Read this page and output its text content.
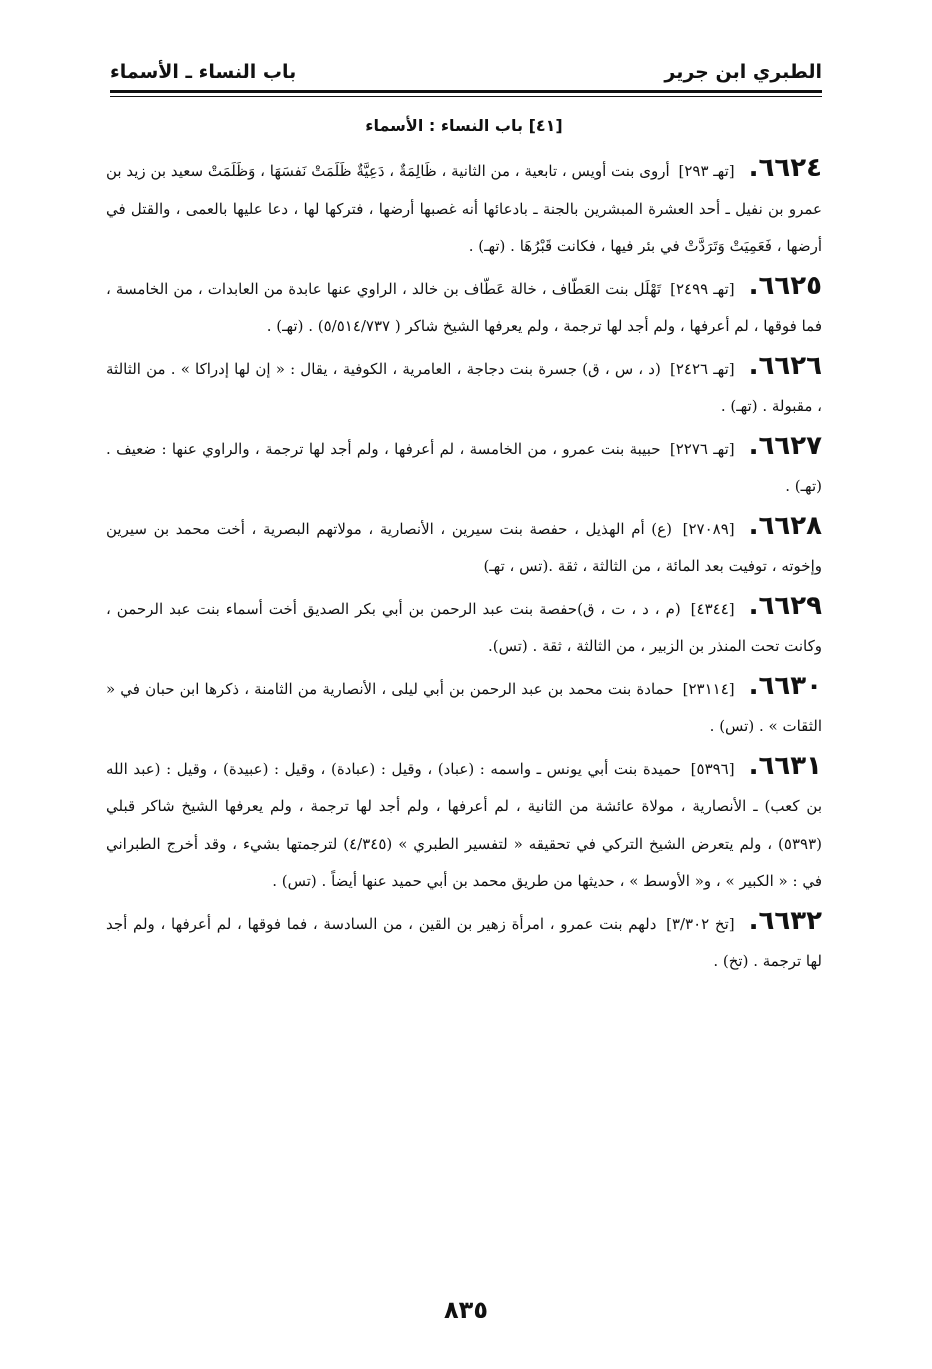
الطبري ابن جرير
باب النساء ـ الأسماء
[٤١] باب النساء : الأسماء
٦٦٢٤.[تهـ ٢٩٣] أروى بنت أويس ، تابعية ، من الثانية ، ظَالِمَةٌ ، دَعِيَّةٌ ظَلَمَتْ نَفسَهَا ، وَظَلَمَتْ سعيد بن زيد بن عمرو بن نفيل ـ أحد العشرة المبشرين بالجنة ـ بادعائها أنه غصبها أرضها ، فتركها لها ، دعا عليها بالعمى ، والقتل في أرضها ، فَعَمِيَتْ وَتَرَدَّتْ في بئر فيها ، فكانت قَبْرُهَا . (تهـ) .
٦٦٢٥.[تهـ ٢٤٩٩] تَهْلَل بنت العَطّاف ، خالة عَطّاف بن خالد ، الراوي عنها عابدة من العابدات ، من الخامسة ، فما فوقها ، لم أعرفها ، ولم أجد لها ترجمة ، ولم يعرفها الشيخ شاكر ( ٥/٥١٤/٧٣٧) . (تهـ) .
٦٦٢٦.[تهـ ٢٤٢٦] (د ، س ، ق) جسرة بنت دجاجة ، العامرية ، الكوفية ، يقال : « إن لها إدراكا » . من الثالثة ، مقبولة . (تهـ) .
٦٦٢٧.[تهـ ٢٢٧٦] حبيبة بنت عمرو ، من الخامسة ، لم أعرفها ، ولم أجد لها ترجمة ، والراوي عنها : ضعيف . (تهـ) .
٦٦٢٨.[٢٧٠٨٩] (ع) أم الهذيل ، حفصة بنت سيرين ، الأنصارية ، مولاتهم البصرية ، أخت محمد بن سيرين وإخوته ، توفيت بعد المائة ، من الثالثة ، ثقة .(تس ، تهـ)
٦٦٢٩.[٤٣٤٤] (م ، د ، ت ، ق)حفصة بنت عبد الرحمن بن أبي بكر الصديق أخت أسماء بنت عبد الرحمن ، وكانت تحت المنذر بن الزبير ، من الثالثة ، ثقة . (تس).
٦٦٣٠.[٢٣١١٤] حمادة بنت محمد بن عبد الرحمن بن أبي ليلى ، الأنصارية من الثامنة ، ذكرها ابن حبان في « الثقات » . (تس) .
٦٦٣١.[٥٣٩٦] حميدة بنت أبي يونس ـ واسمه : (عباد) ، وقيل : (عبادة) ، وقيل : (عبيدة) ، وقيل : (عبد الله بن كعب) ـ الأنصارية ، مولاة عائشة من الثانية ، لم أعرفها ، ولم أجد لها ترجمة ، ولم يعرفها الشيخ شاكر قبلي (٥٣٩٣) ، ولم يتعرض الشيخ التركي في تحقيقه « لتفسير الطبري » (٤/٣٤٥) لترجمتها بشيء ، وقد أخرج الطبراني في : « الكبير » ، و« الأوسط » ، حديثها من طريق محمد بن أبي حميد عنها أيضاً . (تس) .
٦٦٣٢.[تخ ٣/٣٠٢] دلهم بنت عمرو ، امرأة زهير بن القين ، من السادسة ، فما فوقها ، لم أعرفها ، ولم أجد لها ترجمة . (تخ) .
٨٣٥
